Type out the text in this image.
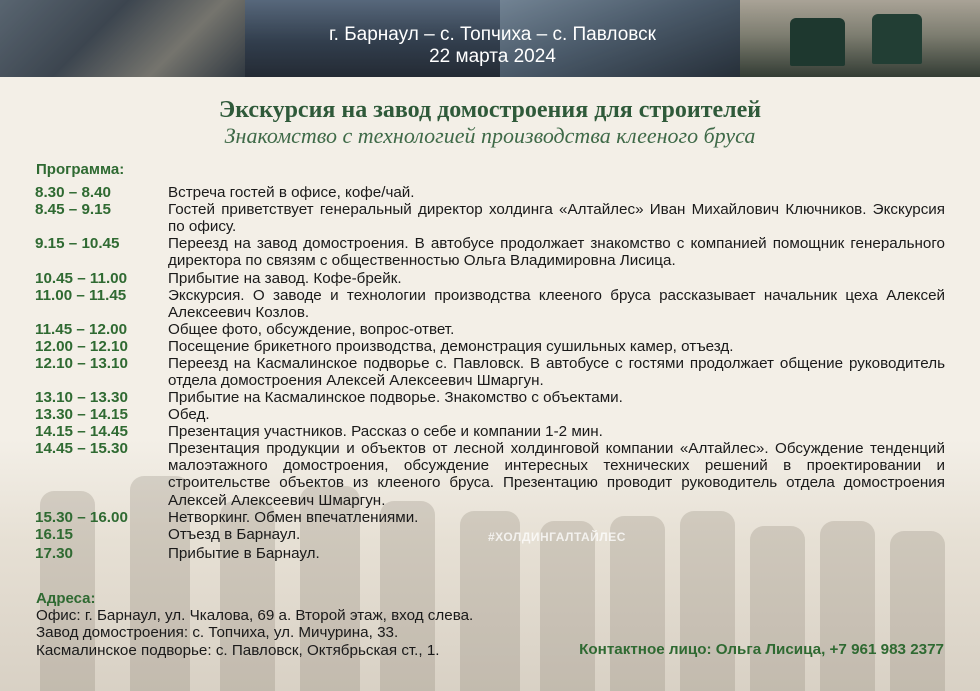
г. Барнаул – с. Топчиха – с. Павловск
22 марта 2024
#ХОЛДИНГАЛТАЙЛЕС
Экскурсия на завод домостроения для строителей
Знакомство с технологией производства клееного бруса
Программа:
8.30 – 8.40	Встреча гостей в офисе, кофе/чай.
8.45 – 9.15	Гостей приветствует генеральный директор холдинга «Алтайлес» Иван Михайлович Ключников. Экскурсия по офису.
9.15 – 10.45	Переезд на завод домостроения. В автобусе продолжает знакомство с компанией помощник генерального директора по связям с общественностью Ольга Владимировна Лисица.
10.45 – 11.00	Прибытие на завод. Кофе-брейк.
11.00 – 11.45	Экскурсия. О заводе и технологии производства клееного бруса рассказывает начальник цеха Алексей Алексеевич Козлов.
11.45 – 12.00	Общее фото, обсуждение, вопрос-ответ.
12.00 – 12.10	Посещение брикетного производства, демонстрация сушильных камер, отъезд.
12.10 – 13.10	Переезд на Касмалинское подворье с. Павловск. В автобусе с гостями продолжает общение руководитель отдела домостроения Алексей Алексеевич Шмаргун.
13.10 – 13.30	Прибытие на Касмалинское подворье. Знакомство с объектами.
13.30 – 14.15	Обед.
14.15 – 14.45	Презентация участников. Рассказ о себе и компании 1-2 мин.
14.45 – 15.30	Презентация продукции и объектов от лесной холдинговой компании «Алтайлес». Обсуждение тенденций малоэтажного домостроения, обсуждение интересных технических решений в проектировании и строительстве объектов из клееного бруса. Презентацию проводит руководитель отдела домостроения Алексей Алексеевич Шмаргун.
15.30 – 16.00	Нетворкинг. Обмен впечатлениями.
16.15	Отъезд в Барнаул.
17.30	Прибытие в Барнаул.
Адреса:
Офис: г. Барнаул, ул. Чкалова, 69 а. Второй этаж, вход слева.
Завод домостроения: с. Топчиха, ул. Мичурина, 33.
Касмалинское подворье: с. Павловск, Октябрьская ст., 1.	Контактное лицо: Ольга Лисица, +7 961 983 2377
